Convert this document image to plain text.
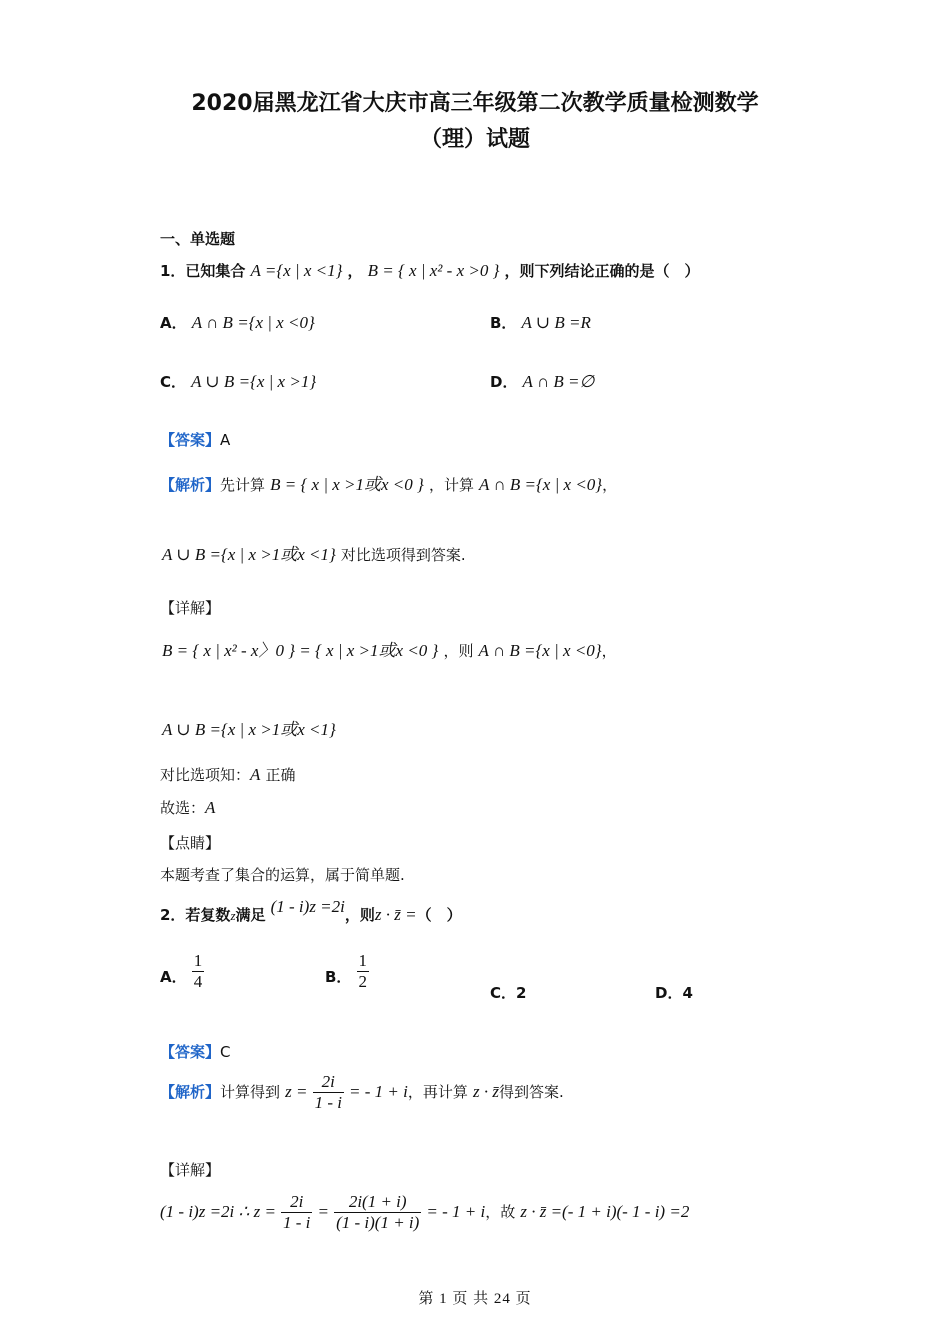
2020届黑龙江省大庆市高三年级第二次教学质量检测数学
（理）试题
一、单选题
1．已知集合 A ={x | x <1} ， B = { x | x² - x >0 } ，则下列结论正确的是（　）
A． A ∩ B ={x | x <0}	B． A ∪ B =R
C． A ∪ B ={x | x >1}	D． A ∩ B =∅
【答案】A
【解析】先计算 B = { x | x >1或x <0 } ，计算 A ∩ B ={x | x <0}，
A ∪ B ={x | x >1或x <1} 对比选项得到答案.
【详解】
B = { x | x² - x〉0 } = { x | x >1或x <0 } ，则 A ∩ B ={x | x <0}，
A ∪ B ={x | x >1或x <1}
对比选项知：A 正确
故选：A
【点睛】
本题考查了集合的运算，属于简单题.
2．若复数z满足 (1 - i)z =2i，则z · z̄ =（　）
A． $\frac{1}{4}$	B． $\frac{1}{2}$
C．2	D．4
【答案】C
【解析】计算得到 $z = \frac{2i}{1 - i}$ = - 1 + i，再计算 z · z̄得到答案.
【详解】
(1 - i)z =2i ∴ $z = \frac{2i}{1 - i} = \frac{2i(1 + i)}{(1 - i)(1 + i)}$ = - 1 + i，故 z · z̄ =(- 1 + i)(- 1 - i) =2
第 1 页 共 24 页
